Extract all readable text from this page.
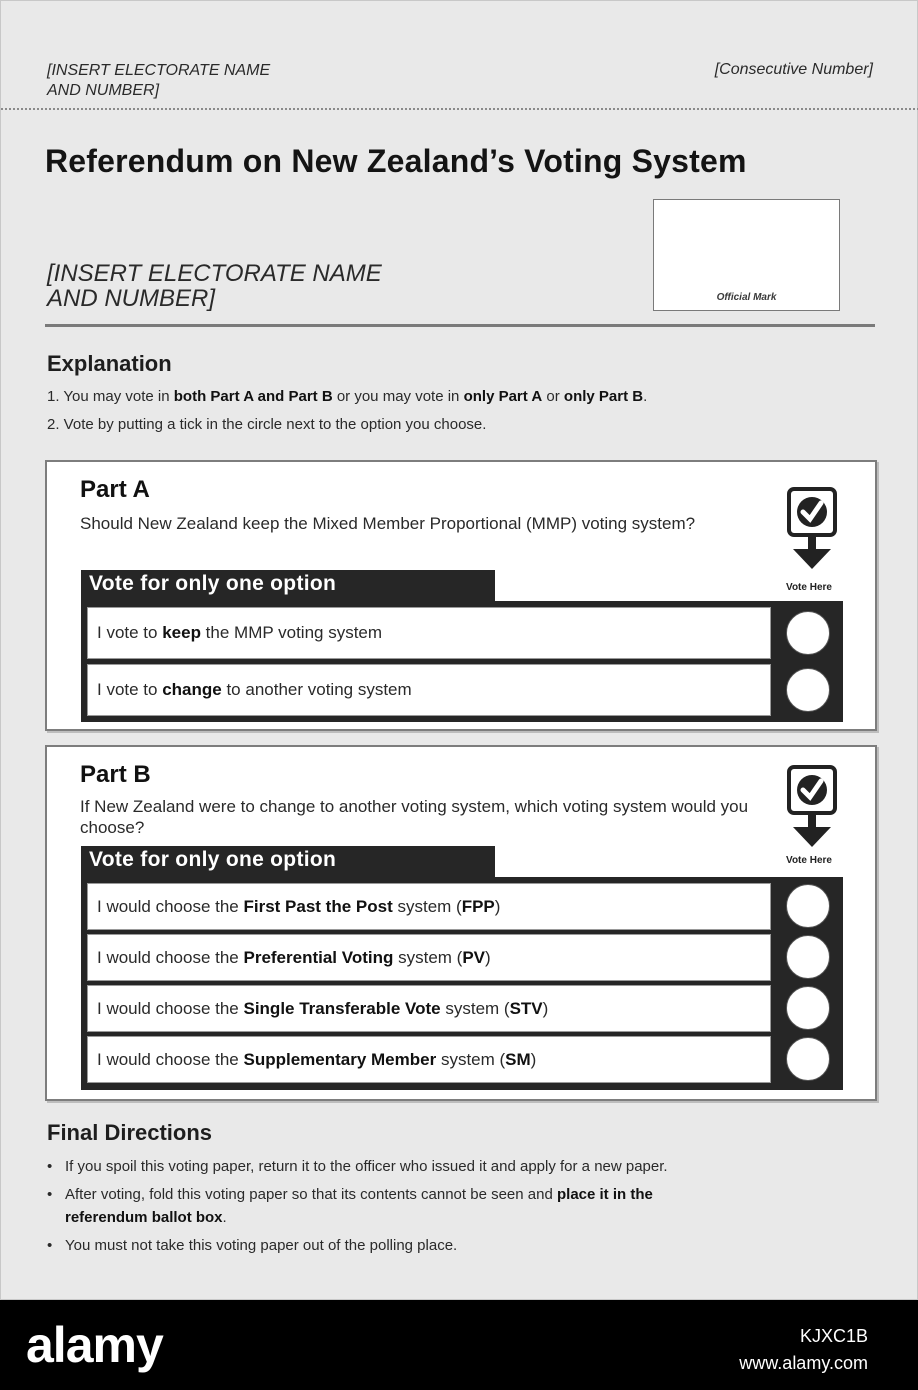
[INSERT ELECTORATE NAME
AND NUMBER]
[Consecutive Number]
Referendum on New Zealand’s Voting System
[INSERT ELECTORATE NAME
AND NUMBER]	Official Mark
Explanation
1. You may vote in both Part A and Part B or you may vote in only Part A or only Part B.
2. Vote by putting a tick in the circle next to the option you choose.
Part A
Should New Zealand keep the Mixed Member Proportional (MMP) voting system?
Vote Here
Vote for only one option
I vote to keep the MMP voting system
I vote to change to another voting system
Part B
If New Zealand were to change to another voting system, which voting system would you choose?
Vote Here
Vote for only one option
I would choose the First Past the Post system (FPP)
I would choose the Preferential Voting system (PV)
I would choose the Single Transferable Vote system (STV)
I would choose the Supplementary Member system (SM)
Final Directions
• If you spoil this voting paper, return it to the officer who issued it and apply for a new paper.
• After voting, fold this voting paper so that its contents cannot be seen and place it in the
referendum ballot box.
• You must not take this voting paper out of the polling place.
alamy	KJXC1B
www.alamy.com
